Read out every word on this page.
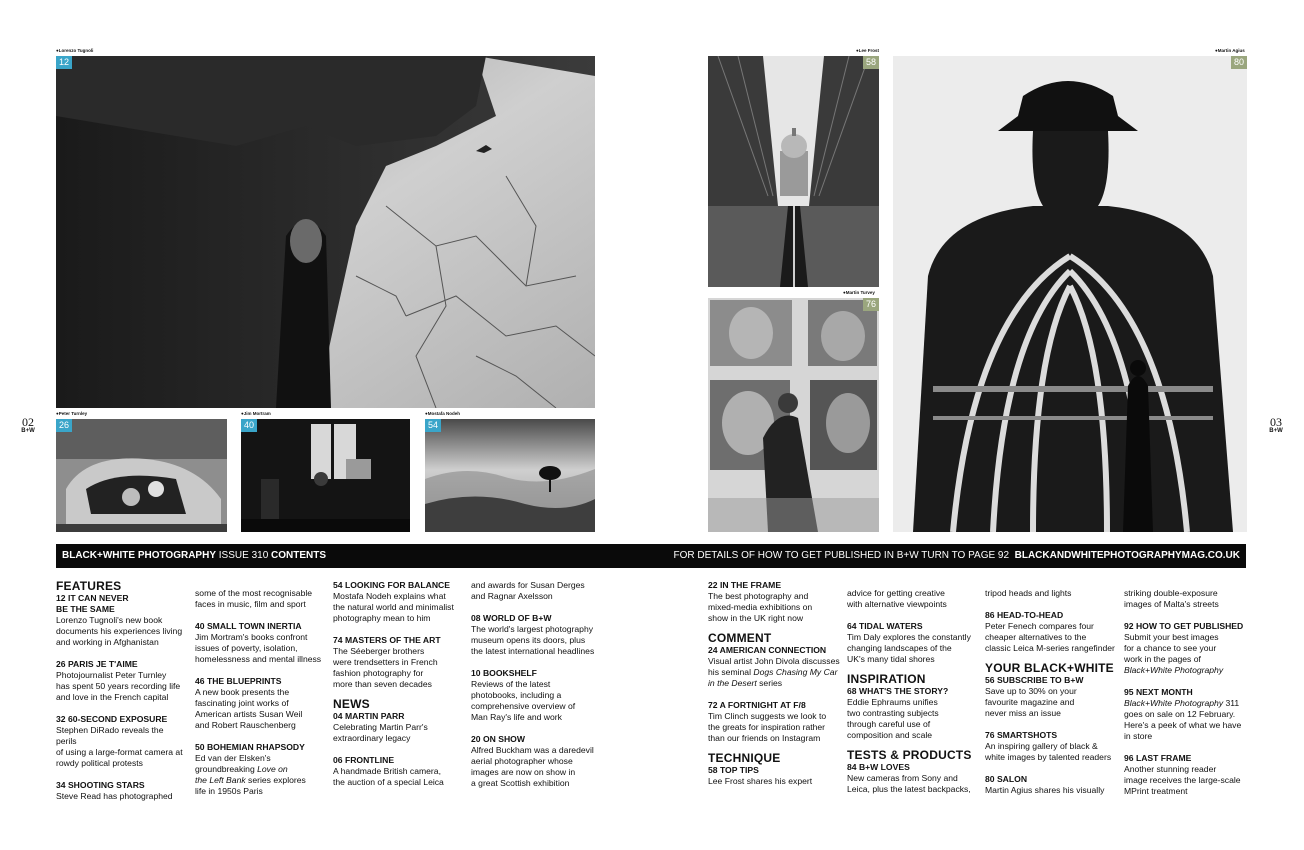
● Lorenzo Tugnoli
12
● Peter Turnley
26
● Jim Mortram
40
● Mostafa Nodeh
54
● Lee Frost
58
● Martin Turvey
76
● Martin Agius
80
02
B+W
03
B+W
BLACK+WHITE PHOTOGRAPHY ISSUE 310 CONTENTS	FOR DETAILS OF HOW TO GET PUBLISHED IN B+W TURN TO PAGE 92 BLACKANDWHITEPHOTOGRAPHYMAG.CO.UK
FEATURES
12 IT CAN NEVER
BE THE SAME
Lorenzo Tugnoli's new book
documents his experiences living
and working in Afghanistan
26 PARIS JE T'AIME
Photojournalist Peter Turnley
has spent 50 years recording life
and love in the French capital
32 60-SECOND EXPOSURE
Stephen DiRado reveals the perils
of using a large-format camera at
rowdy political protests
34 SHOOTING STARS
Steve Read has photographed
some of the most recognisable
faces in music, film and sport
40 SMALL TOWN INERTIA
Jim Mortram's books confront
issues of poverty, isolation,
homelessness and mental illness
46 THE BLUEPRINTS
A new book presents the
fascinating joint works of
American artists Susan Weil
and Robert Rauschenberg
50 BOHEMIAN RHAPSODY
Ed van der Elsken's
groundbreaking Love on
the Left Bank series explores
life in 1950s Paris
54 LOOKING FOR BALANCE
Mostafa Nodeh explains what
the natural world and minimalist
photography mean to him
74 MASTERS OF THE ART
The Séeberger brothers
were trendsetters in French
fashion photography for
more than seven decades
NEWS
04 MARTIN PARR
Celebrating Martin Parr's
extraordinary legacy
06 FRONTLINE
A handmade British camera,
the auction of a special Leica
and awards for Susan Derges
and Ragnar Axelsson
08 WORLD OF B+W
The world's largest photography
museum opens its doors, plus
the latest international headlines
10 BOOKSHELF
Reviews of the latest
photobooks, including a
comprehensive overview of
Man Ray's life and work
20 ON SHOW
Alfred Buckham was a daredevil
aerial photographer whose
images are now on show in
a great Scottish exhibition
22 IN THE FRAME
The best photography and
mixed-media exhibitions on
show in the UK right now
COMMENT
24 AMERICAN CONNECTION
Visual artist John Divola discusses
his seminal Dogs Chasing My Car
in the Desert series
72 A FORTNIGHT AT F/8
Tim Clinch suggests we look to
the greats for inspiration rather
than our friends on Instagram
TECHNIQUE
58 TOP TIPS
Lee Frost shares his expert
advice for getting creative
with alternative viewpoints
64 TIDAL WATERS
Tim Daly explores the constantly
changing landscapes of the
UK's many tidal shores
INSPIRATION
68 WHAT'S THE STORY?
Eddie Ephraums unifies
two contrasting subjects
through careful use of
composition and scale
TESTS & PRODUCTS
84 B+W LOVES
New cameras from Sony and
Leica, plus the latest backpacks,
tripod heads and lights
86 HEAD-TO-HEAD
Peter Fenech compares four
cheaper alternatives to the
classic Leica M-series rangefinder
YOUR BLACK+WHITE
56 SUBSCRIBE TO B+W
Save up to 30% on your
favourite magazine and
never miss an issue
76 SMARTSHOTS
An inspiring gallery of black &
white images by talented readers
80 SALON
Martin Agius shares his visually
striking double-exposure
images of Malta's streets
92 HOW TO GET PUBLISHED
Submit your best images
for a chance to see your
work in the pages of
Black+White Photography
95 NEXT MONTH
Black+White Photography 311
goes on sale on 12 February.
Here's a peek of what we have
in store
96 LAST FRAME
Another stunning reader
image receives the large-scale
MPrint treatment
